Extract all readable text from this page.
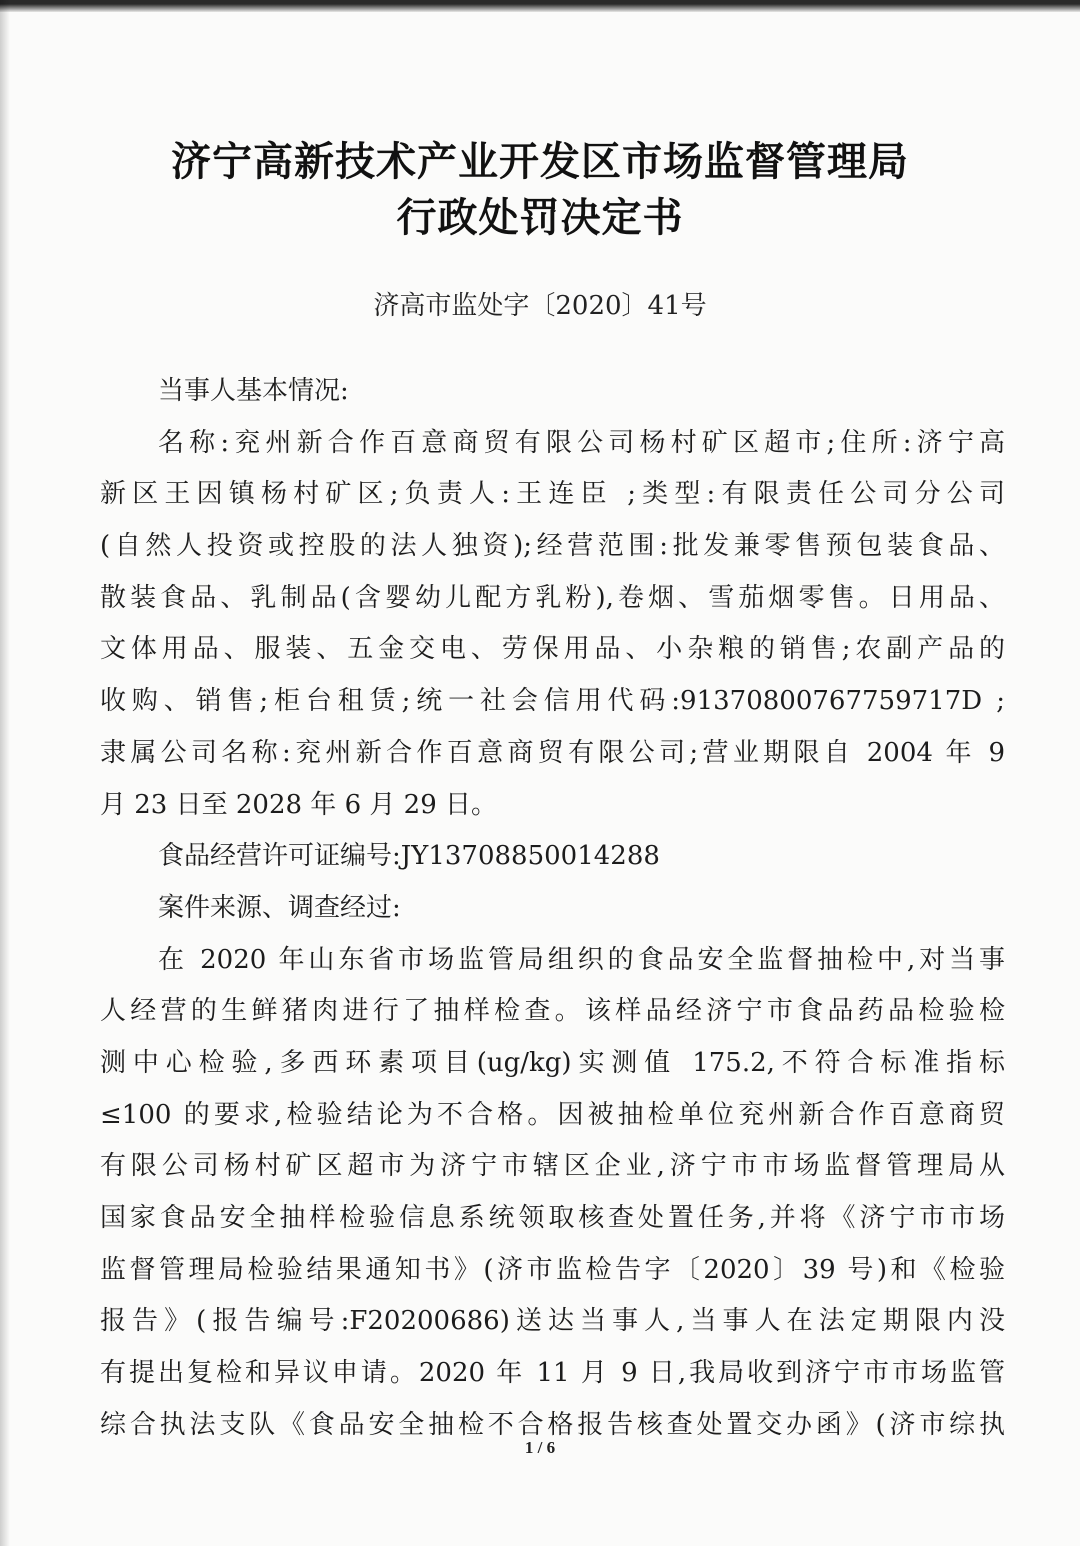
济宁高新技术产业开发区市场监督管理局
行政处罚决定书
济高市监处字〔2020〕41号
当事人基本情况:
名称:兖州新合作百意商贸有限公司杨村矿区超市;住所:济宁高
新区王因镇杨村矿区;负责人:王连臣 ;类型:有限责任公司分公司
(自然人投资或控股的法人独资);经营范围:批发兼零售预包装食品、
散装食品、乳制品(含婴幼儿配方乳粉),卷烟、雪茄烟零售。日用品、
文体用品、服装、五金交电、劳保用品、小杂粮的销售;农副产品的
收购、销售;柜台租赁;统一社会信用代码:91370800767759717D ;
隶属公司名称:兖州新合作百意商贸有限公司;营业期限自 2004 年 9
月 23 日至 2028 年 6 月 29 日。
食品经营许可证编号:JY13708850014288
案件来源、调查经过:
在 2020 年山东省市场监管局组织的食品安全监督抽检中,对当事
人经营的生鲜猪肉进行了抽样检查。该样品经济宁市食品药品检验检
测中心检验,多西环素项目(ug/kg)实测值 175.2,不符合标准指标
≤100 的要求,检验结论为不合格。因被抽检单位兖州新合作百意商贸
有限公司杨村矿区超市为济宁市辖区企业,济宁市市场监督管理局从
国家食品安全抽样检验信息系统领取核查处置任务,并将《济宁市市场
监督管理局检验结果通知书》(济市监检告字〔2020〕39 号)和《检验
报告》(报告编号:F20200686)送达当事人,当事人在法定期限内没
有提出复检和异议申请。2020 年 11 月 9 日,我局收到济宁市市场监管
综合执法支队《食品安全抽检不合格报告核查处置交办函》(济市综执
1 / 6
